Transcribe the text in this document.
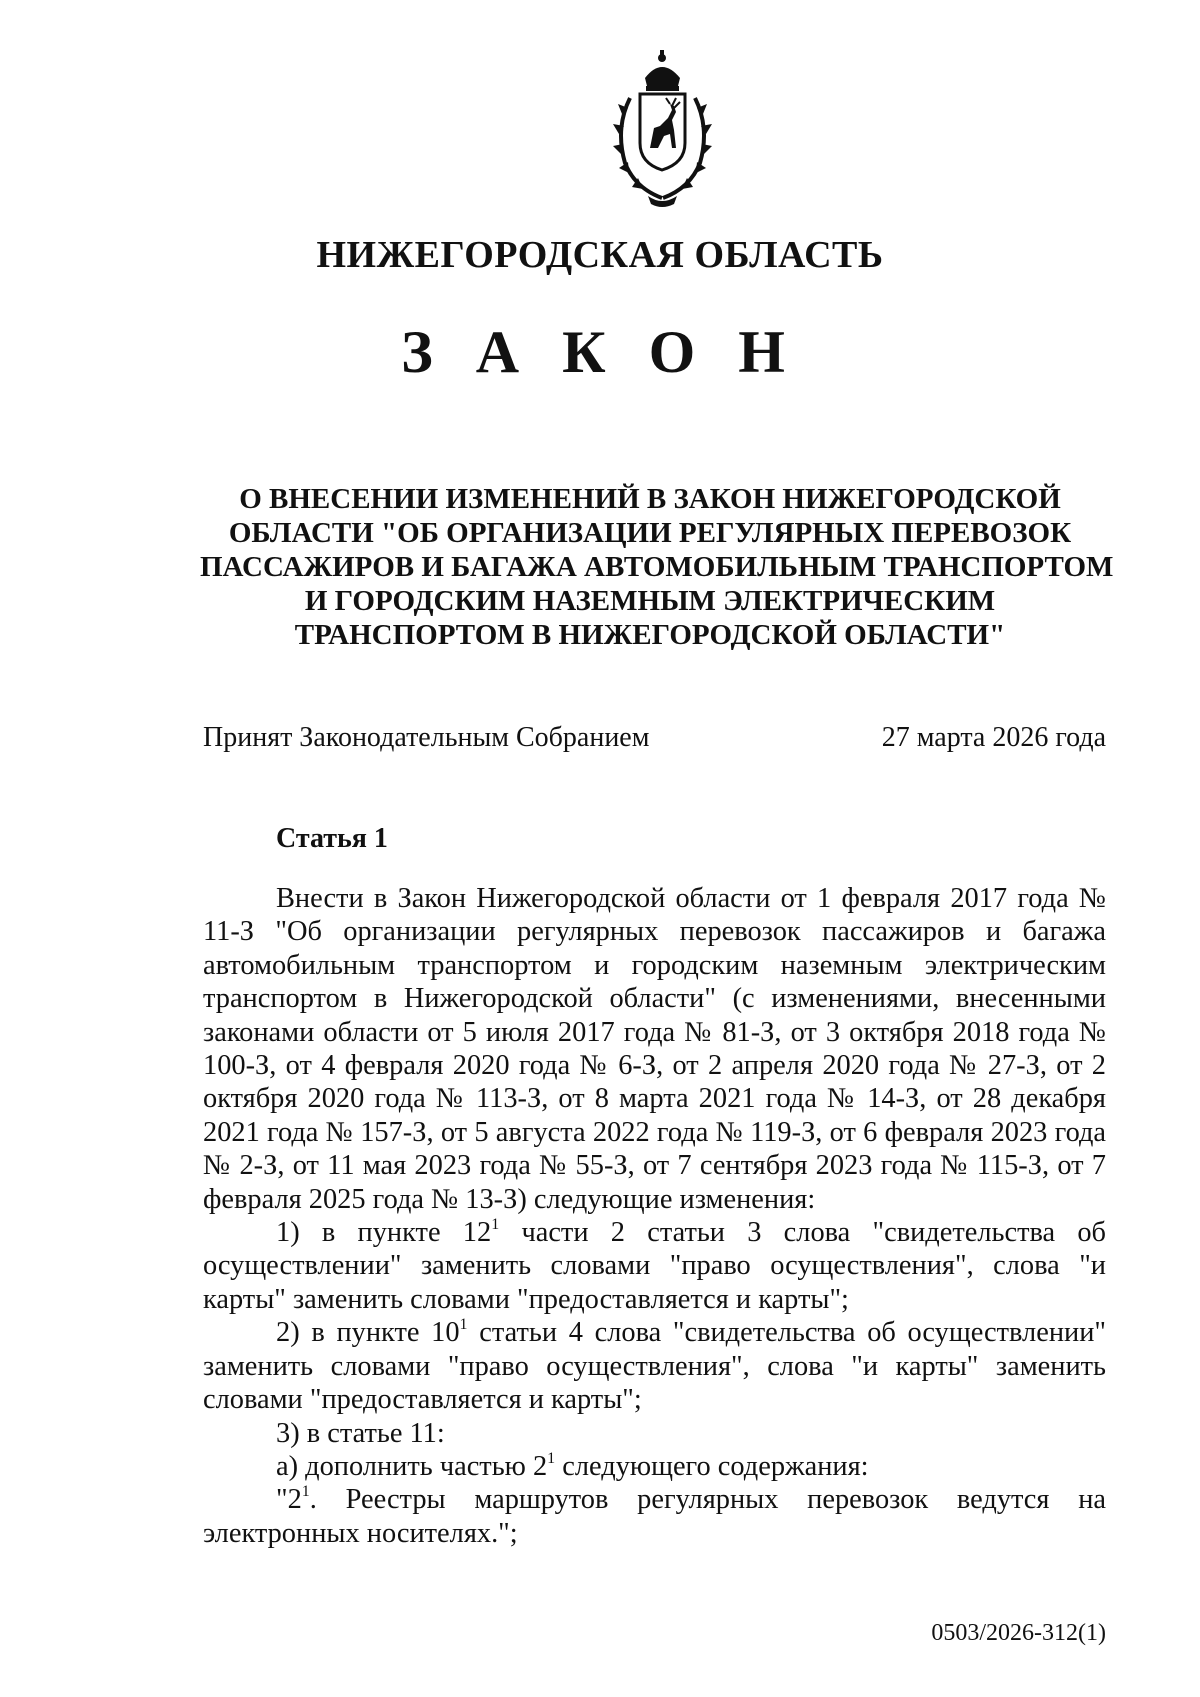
НИЖЕГОРОДСКАЯ ОБЛАСТЬ
З А К О Н
О ВНЕСЕНИИ ИЗМЕНЕНИЙ В ЗАКОН НИЖЕГОРОДСКОЙ
ОБЛАСТИ "ОБ ОРГАНИЗАЦИИ РЕГУЛЯРНЫХ ПЕРЕВОЗОК
ПАССАЖИРОВ И БАГАЖА АВТОМОБИЛЬНЫМ ТРАНСПОРТОМ
И ГОРОДСКИМ НАЗЕМНЫМ ЭЛЕКТРИЧЕСКИМ
ТРАНСПОРТОМ В НИЖЕГОРОДСКОЙ ОБЛАСТИ"
Принят Законодательным Собранием	27 марта 2026 года
Статья 1

Внести в Закон Нижегородской области от 1 февраля 2017 года № 11-З "Об организации регулярных перевозок пассажиров и багажа автомобильным транспортом и городским наземным электрическим транспортом в Нижегородской области" (с изменениями, внесенными законами области от 5 июля 2017 года № 81-З, от 3 октября 2018 года № 100-З, от 4 февраля 2020 года № 6-З, от 2 апреля 2020 года № 27-З, от 2 октября 2020 года № 113-З, от 8 марта 2021 года № 14-З, от 28 декабря 2021 года № 157-З, от 5 августа 2022 года № 119-З, от 6 февраля 2023 года № 2-З, от 11 мая 2023 года № 55-З, от 7 сентября 2023 года № 115-З, от 7 февраля 2025 года № 13-З) следующие изменения:

1) в пункте $12^1$ части 2 статьи 3 слова "свидетельства об осуществлении" заменить словами "право осуществления", слова "и карты" заменить словами "предоставляется и карты";

2) в пункте $10^1$ статьи 4 слова "свидетельства об осуществлении" заменить словами "право осуществления", слова "и карты" заменить словами "предоставляется и карты";

3) в статье 11:

а) дополнить частью $2^1$ следующего содержания:

"$2^1$. Реестры маршрутов регулярных перевозок ведутся на электронных носителях.";

0503/2026-312(1)
